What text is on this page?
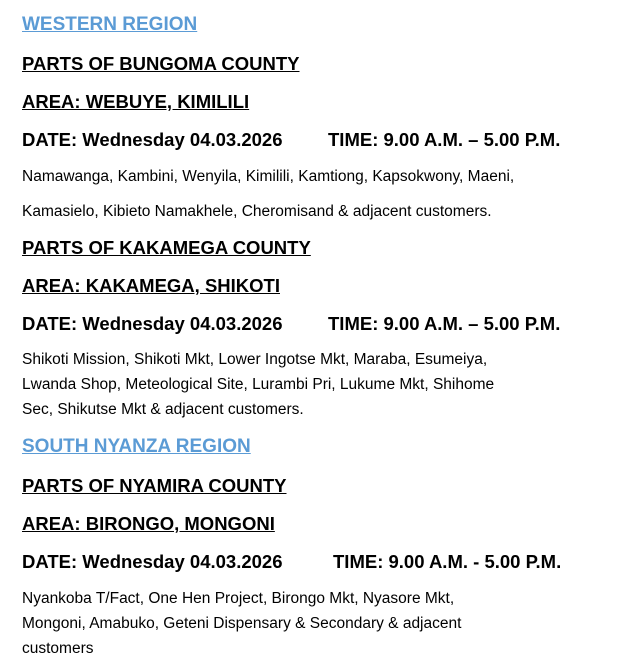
WESTERN REGION
PARTS OF BUNGOMA COUNTY
AREA: WEBUYE, KIMILILI
DATE: Wednesday 04.03.2026 TIME: 9.00 A.M. – 5.00 P.M.
Namawanga, Kambini, Wenyila, Kimilili, Kamtiong, Kapsokwony, Maeni,
Kamasielo, Kibieto Namakhele, Cheromisand & adjacent customers.
PARTS OF KAKAMEGA COUNTY
AREA: KAKAMEGA, SHIKOTI
DATE: Wednesday 04.03.2026 TIME: 9.00 A.M. – 5.00 P.M.
Shikoti Mission, Shikoti Mkt, Lower Ingotse Mkt, Maraba, Esumeiya,
Lwanda Shop, Meteological Site, Lurambi Pri, Lukume Mkt, Shihome
Sec, Shikutse Mkt & adjacent customers.
SOUTH NYANZA REGION
PARTS OF NYAMIRA COUNTY
AREA: BIRONGO, MONGONI
DATE: Wednesday 04.03.2026	TIME: 9.00 A.M. - 5.00 P.M.
Nyankoba T/Fact, One Hen Project, Birongo Mkt, Nyasore Mkt,
Mongoni, Amabuko, Geteni Dispensary & Secondary & adjacent
customers
